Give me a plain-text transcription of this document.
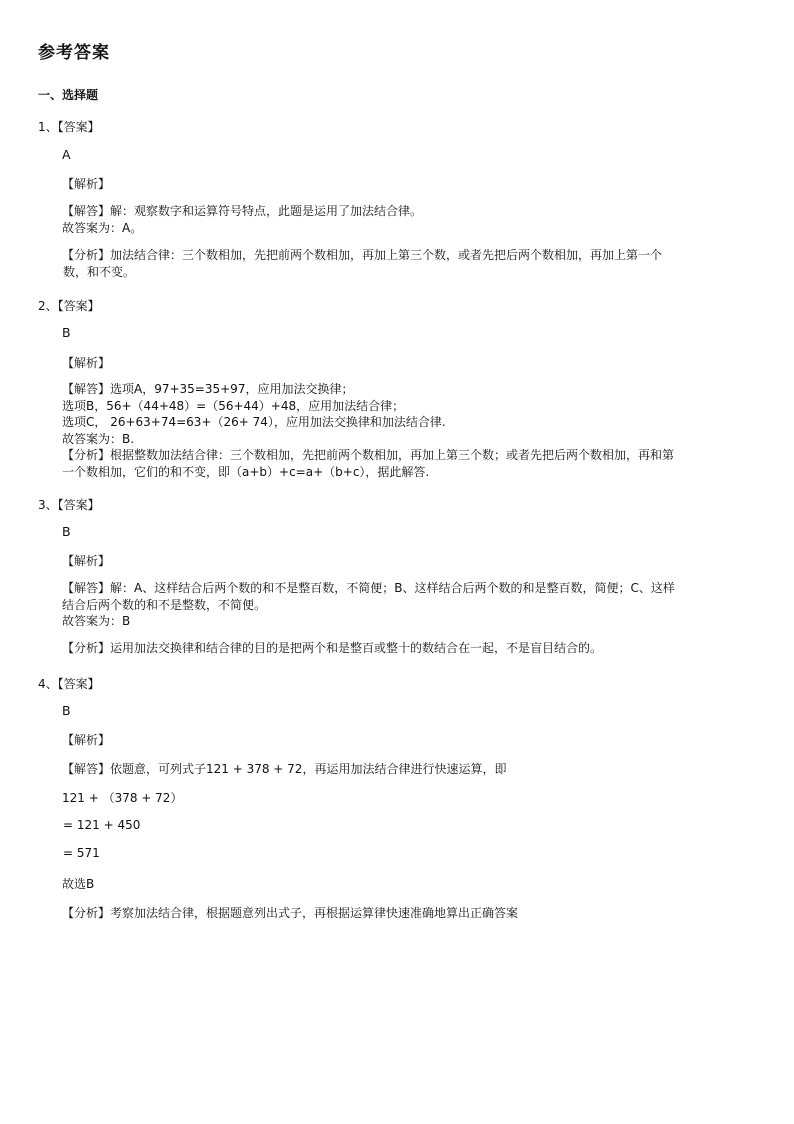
参考答案
一、选择题
1、【答案】
A
【解析】
【解答】解：观察数字和运算符号特点，此题是运用了加法结合律。
故答案为：A。
【分析】加法结合律：三个数相加，先把前两个数相加，再加上第三个数，或者先把后两个数相加，再加上第一个
数，和不变。
2、【答案】
B
【解析】
【解答】选项A，97+35=35+97，应用加法交换律；
选项B，56+（44+48）=（56+44）+48，应用加法结合律；
选项C， 26+63+74=63+（26+ 74），应用加法交换律和加法结合律.
故答案为：B.
【分析】根据整数加法结合律：三个数相加，先把前两个数相加，再加上第三个数；或者先把后两个数相加，再和第
一个数相加，它们的和不变，即（a+b）+c=a+（b+c），据此解答.
3、【答案】
B
【解析】
【解答】解：A、这样结合后两个数的和不是整百数，不简便；B、这样结合后两个数的和是整百数，简便；C、这样
结合后两个数的和不是整数，不简便。
故答案为：B
【分析】运用加法交换律和结合律的目的是把两个和是整百或整十的数结合在一起，不是盲目结合的。
4、【答案】
B
【解析】
【解答】依题意，可列式子121 + 378 + 72，再运用加法结合律进行快速运算，即
121 + （378 + 72）
= 121 + 450
= 571
故选B
【分析】考察加法结合律，根据题意列出式子，再根据运算律快速准确地算出正确答案
